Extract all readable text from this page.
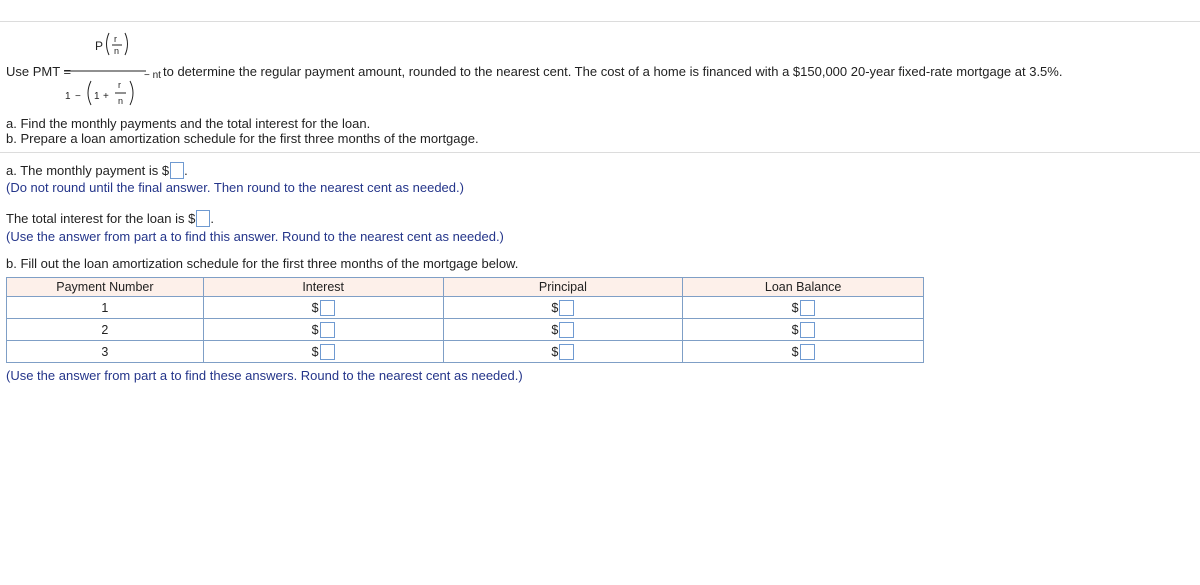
Use PMT =
P r
n
− nt
1 − 1 +
r
n
to determine the regular payment amount, rounded to the nearest cent. The cost of a home is financed with a $150,000 20-year fixed-rate mortgage at 3.5%.
a. Find the monthly payments and the total interest for the loan.
b. Prepare a loan amortization schedule for the first three months of the mortgage.
a. The monthly payment is $ .
(Do not round until the final answer. Then round to the nearest cent as needed.)
The total interest for the loan is $ .
(Use the answer from part a to find this answer. Round to the nearest cent as needed.)
b. Fill out the loan amortization schedule for the first three months of the mortgage below.
Payment Number	Interest	Principal	Loan Balance
1	$	$	$
2	$	$	$
3	$	$	$
(Use the answer from part a to find these answers. Round to the nearest cent as needed.)
